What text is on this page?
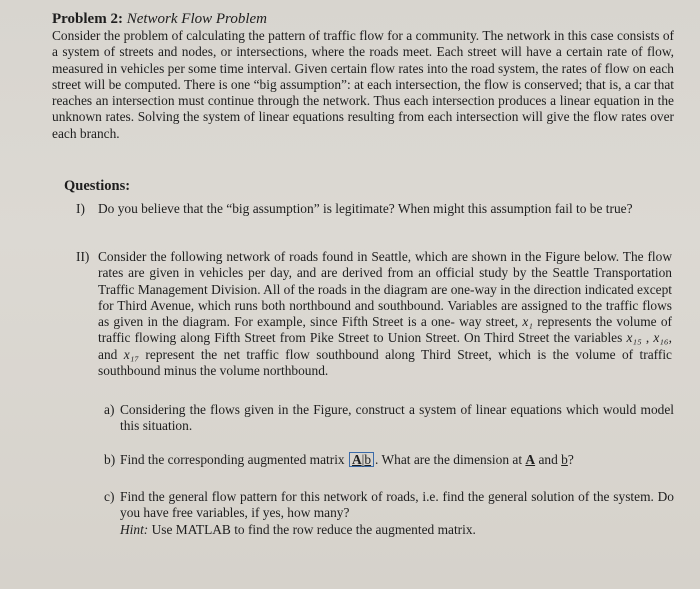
Problem 2: Network Flow Problem

Consider the problem of calculating the pattern of traffic flow for a community. The network in this case consists of a system of streets and nodes, or intersections, where the roads meet. Each street will have a certain rate of flow, measured in vehicles per some time interval. Given certain flow rates into the road system, the rates of flow on each street will be computed. There is one “big assumption”: at each intersection, the flow is conserved; that is, a car that reaches an intersection must continue through the network. Thus each intersection produces a linear equation in the unknown rates. Solving the system of linear equations resulting from each intersection will give the flow rates over each branch.

Questions:
I) Do you believe that the “big assumption” is legitimate? When might this assumption fail to be true?
II) Consider the following network of roads found in Seattle, which are shown in the Figure below. The flow rates are given in vehicles per day, and are derived from an official study by the Seattle Transportation Traffic Management Division. All of the roads in the diagram are one-way in the direction indicated except for Third Avenue, which runs both northbound and southbound. Variables are assigned to the traffic flows as given in the diagram. For example, since Fifth Street is a one- way street, x₁ represents the volume of traffic flowing along Fifth Street from Pike Street to Union Street. On Third Street the variables x₁₅ , x₁₆, and x₁₇ represent the net traffic flow southbound along Third Street, which is the volume of traffic southbound minus the volume northbound.
a) Considering the flows given in the Figure, construct a system of linear equations which would model this situation.
b) Find the corresponding augmented matrix A|b . What are the dimension at A and b?
c) Find the general flow pattern for this network of roads, i.e. find the general solution of the system. Do you have free variables, if yes, how many?
Hint: Use MATLAB to find the row reduce the augmented matrix.
